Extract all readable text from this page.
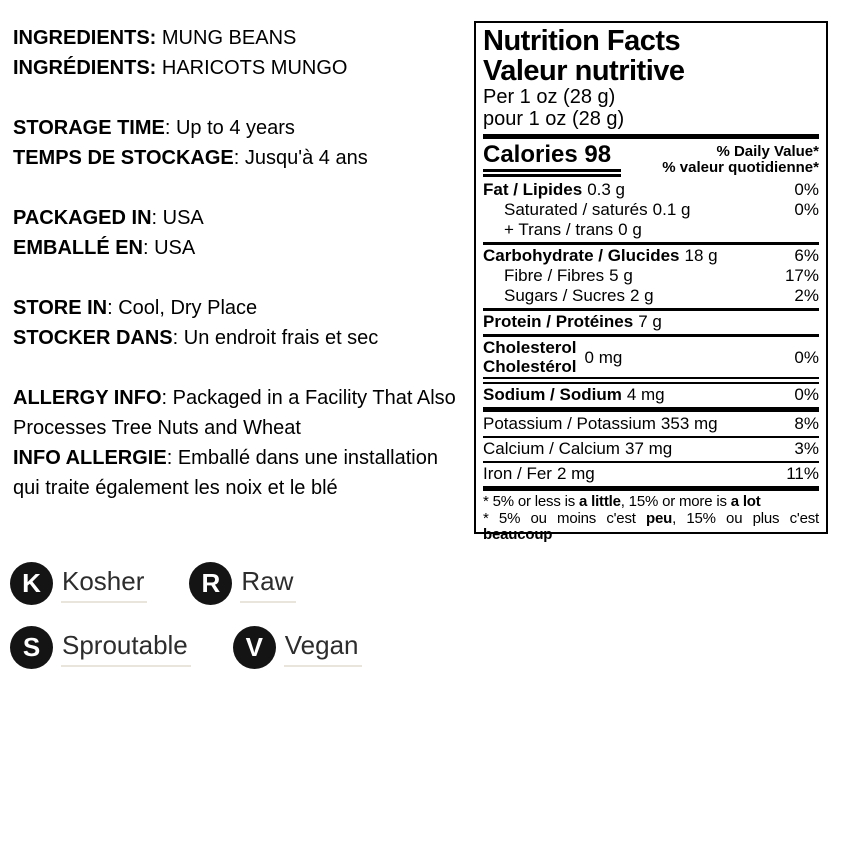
INGREDIENTS: MUNG BEANS

INGRÉDIENTS: HARICOTS MUNGO

STORAGE TIME: Up to 4 years

TEMPS DE STOCKAGE: Jusqu'à 4 ans

PACKAGED IN: USA

EMBALLÉ EN: USA

STORE IN: Cool, Dry Place

STOCKER DANS: Un endroit frais et sec

ALLERGY INFO: Packaged in a Facility That Also Processes Tree Nuts and Wheat

INFO ALLERGIE: Emballé dans une installation qui traite également les noix et le blé

Nutrition Facts
Valeur nutritive
Per 1 oz (28 g)
pour 1 oz (28 g)
Calories 98	% Daily Value*
% valeur quotidienne*
Fat / Lipides 0.3 g	0%
Saturated / saturés 0.1 g	0%
+ Trans / trans 0 g
Carbohydrate / Glucides 18 g	6%
Fibre / Fibres 5 g	17%
Sugars / Sucres 2 g	2%
Protein / Protéines 7 g
Cholesterol
Cholestérol 0 mg	0%
Sodium / Sodium 4 mg	0%
Potassium / Potassium 353 mg	8%
Calcium / Calcium 37 mg	3%
Iron / Fer 2 mg	11%
* 5% or less is a little, 15% or more is a lot
* 5% ou moins c'est peu, 15% ou plus c'est beaucoup
K Kosher	R Raw
S Sproutable	V Vegan
